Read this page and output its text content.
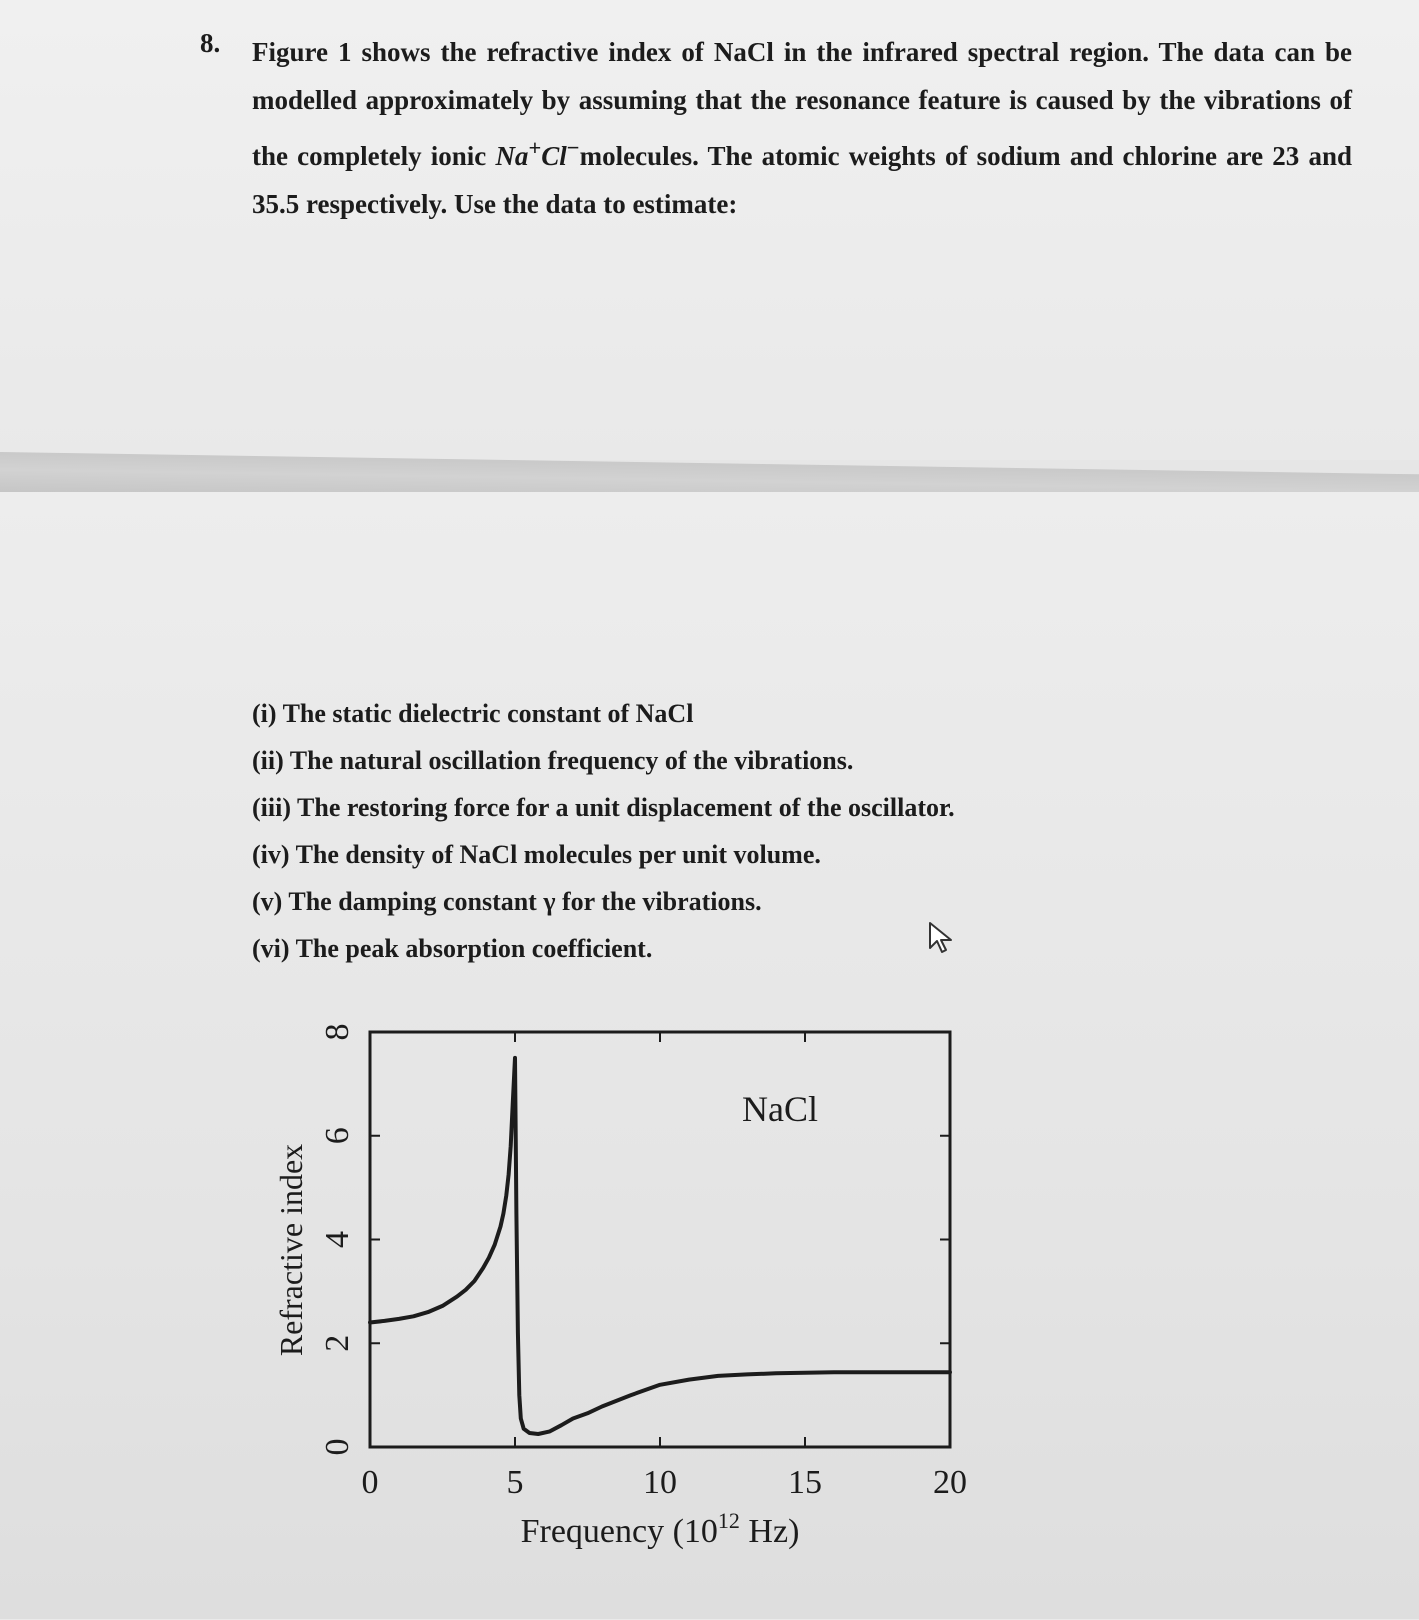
8. Figure 1 shows the refractive index of NaCl in the infrared spectral region. The data can be modelled approximately by assuming that the resonance feature is caused by the vibrations of the completely ionic Na+Cl−molecules. The atomic weights of sodium and chlorine are 23 and 35.5 respectively. Use the data to estimate:
(i) The static dielectric constant of NaCl
(ii) The natural oscillation frequency of the vibrations.
(iii) The restoring force for a unit displacement of the oscillator.
(iv) The density of NaCl molecules per unit volume.
(v) The damping constant γ for the vibrations.
(vi) The peak absorption coefficient.
0	5	10	15	20
0
2
4
6
8
NaCl
Refractive index
Frequency ($10^{12}$ Hz)
